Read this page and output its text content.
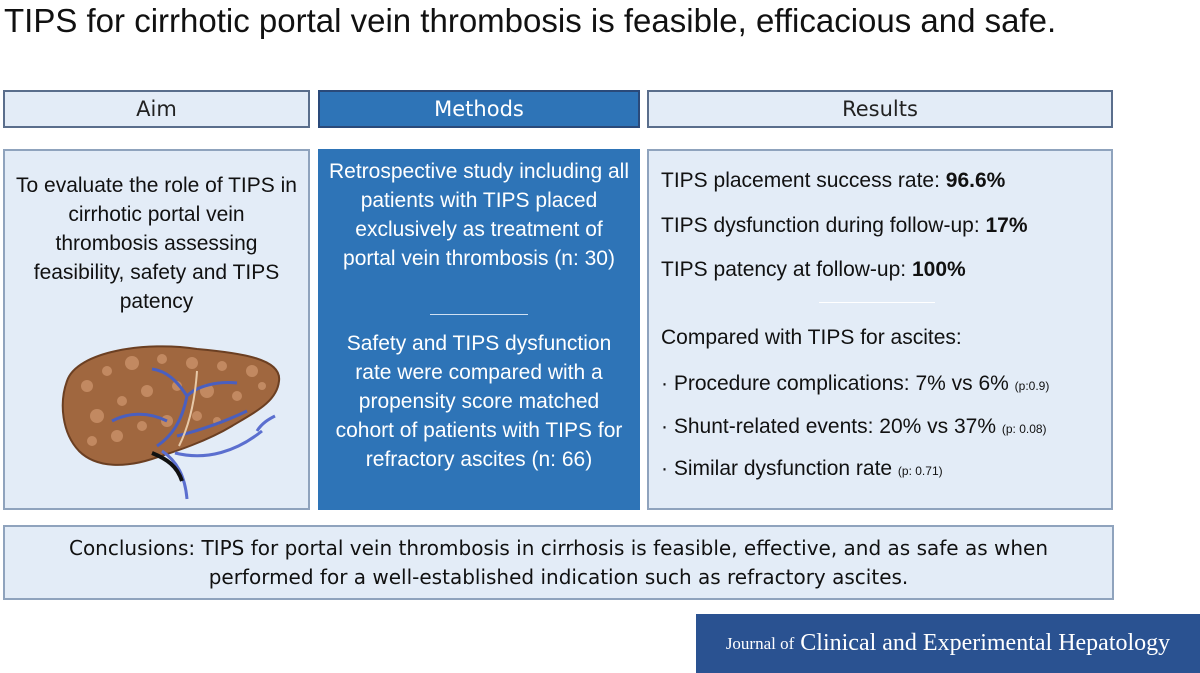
TIPS for cirrhotic portal vein thrombosis is feasible, efficacious and safe.
Aim	Methods	Results
To evaluate the role of TIPS in cirrhotic portal vein thrombosis assessing feasibility, safety and TIPS patency
Retrospective study including all patients with TIPS placed exclusively as treatment of portal vein thrombosis (n: 30)
Safety and TIPS dysfunction rate were compared with a propensity score matched cohort of patients with TIPS for refractory ascites (n: 66)
TIPS placement success rate: 96.6%
TIPS dysfunction during follow-up: 17%
TIPS patency at follow-up: 100%
Compared with TIPS for ascites:
· Procedure complications: 7% vs 6% (p:0.9)
· Shunt-related events: 20% vs 37% (p: 0.08)
· Similar dysfunction rate (p: 0.71)
Conclusions: TIPS for portal vein thrombosis in cirrhosis is feasible, effective, and as safe as when performed for a well-established indication such as refractory ascites.
Journal of Clinical and Experimental Hepatology
